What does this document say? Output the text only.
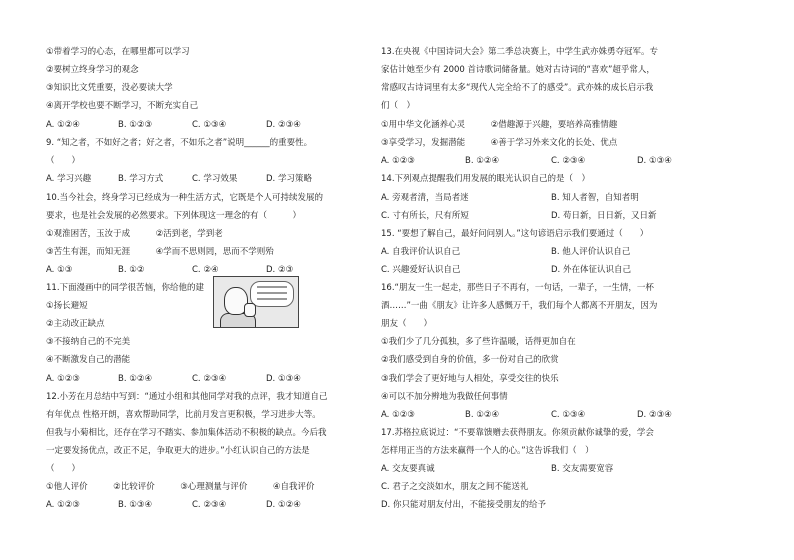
①带着学习的心态，在哪里都可以学习
②要树立终身学习的观念
③知识比文凭重要，没必要读大学
④离开学校也要不断学习，不断充实自己
A. ①②④	B. ①②③	C. ①③④	D. ②③④
9. “知之者，不如好之者；好之者，不如乐之者”说明______的重要性。
（　　）
A. 学习兴趣	B. 学习方式	C. 学习效果	D. 学习策略
10.当今社会，终身学习已经成为一种生活方式，它既是个人可持续发展的
要求，也是社会发展的必然要求。下列体现这一理念的有（　　　）
①观淮困苦，玉汝于成　　　②活到老，学到老
③苦生有涯，而知无涯　　　④学而不思则罔，思而不学则殆
A. ①③	B. ①②	C. ②④	D. ②③
11.下面漫画中的同学很苦恼，你给他的建
①扬长避短
②主动改正缺点
③不接纳自己的不完美
④不断激发自己的潜能
A. ①②③	B. ①②④	C. ②③④	D. ①③④
12.小芳在月总结中写到：“通过小组和其他同学对我的点评，我才知道自己
有年优点 性格开朗，喜欢帮助同学，比前月发言更积极，学习进步大等。
但我与小菊相比，还存在学习不踏实、参加集体活动不积极的缺点。今后我
一定要发扬优点，改正不足，争取更大的进步。”小红认识自己的方法是
（　　）
①他人评价　　　②比较评价　　　③心理测量与评价　　　④自我评价
A. ①②③	B. ①③④	C. ②③④	D. ①②④
13.在央视《中国诗词大会》第二季总决赛上，中学生武亦姝勇夺冠军。专
家估计她至少有 2000 首诗歌词储备量。她对古诗词的“喜欢”超乎常人，
常感叹古诗词里有太多“现代人完全给不了的感受”。武亦姝的成长启示我
们（　）
①用中华文化涵养心灵　　　②借趣源于兴趣，要培养高雅情趣
③享受学习，发掘潜能　　　④善于学习外来文化的长处、优点
A. ①②③	B. ①②④	C. ②③④	D. ①③④
14.下列观点提醒我们用发展的眼光认识自己的是（　）
A. 旁观者清，当局者迷	B. 知人者智，自知者明
C. 寸有所长，尺有所短	D. 苟日新，日日新，又日新
15. “要想了解自己，最好问问别人。”这句谚语启示我们要通过（　　）
A. 自我评价认识自己	B. 他人评价认识自己
C. 兴趣爱好认识自己	D. 外在体征认识自己
16.“朋友一生一起走，那些日子不再有，一句话，一辈子，一生情，一杯
酒……”一曲《朋友》让许多人感慨万千，我们每个人都离不开朋友，因为
朋友（　　）
①我们少了几分孤独，多了些许温暖，话得更加自在
②我们感受到自身的价值，多一份对自己的欣赏
③我们学会了更好地与人相处，享受交往的快乐
④可以不加分辨地为我做任何事情
A. ①②③	B. ①②④	C. ①③④	D. ②③④
17.苏格拉底说过：“不要靠馈赠去获得朋友。你须贡献你诚挚的爱，学会
怎样用正当的方法来赢得一个人的心。”这告诉我们（　）
A. 交友要真诚	B. 交友需要宽容
C. 君子之交淡如水，朋友之间不能送礼
D. 你只能对朋友付出，不能接受朋友的给予
